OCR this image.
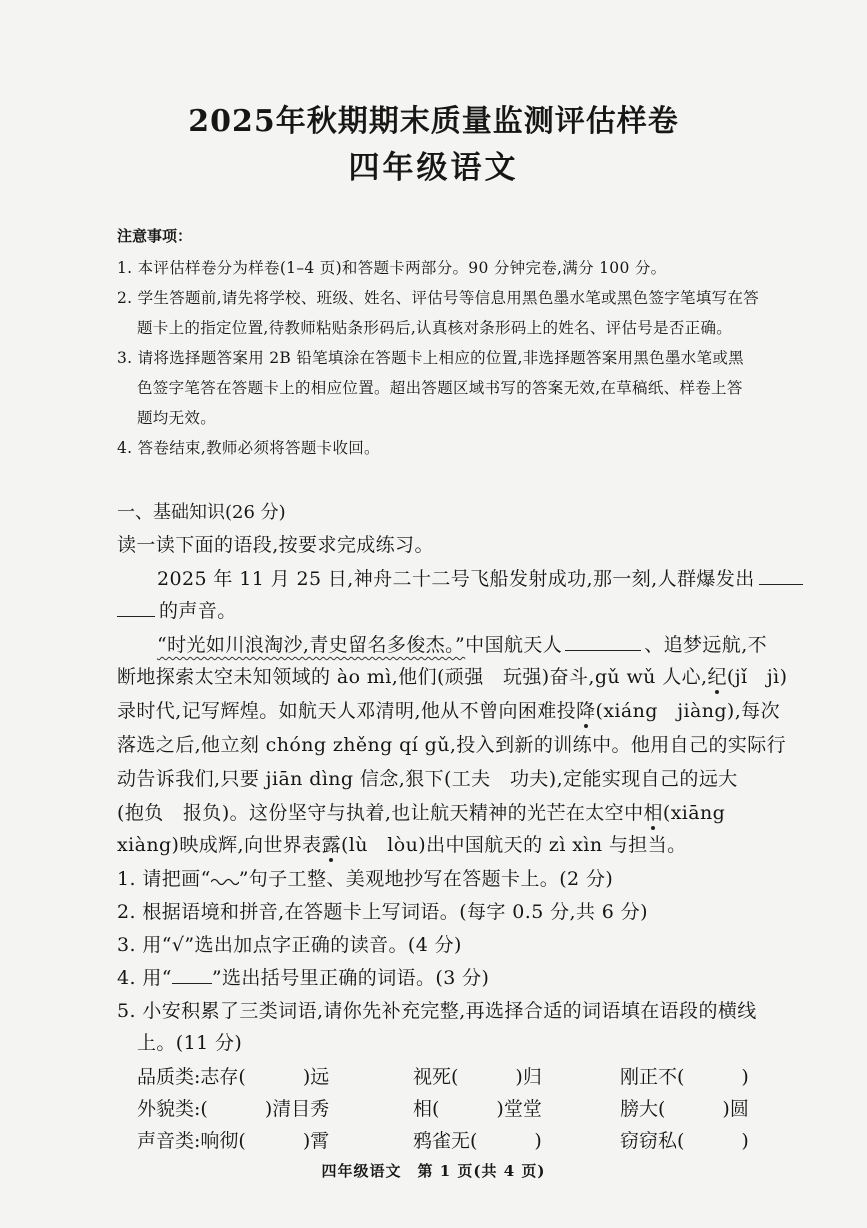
2025年秋期期末质量监测评估样卷
四年级语文
注意事项：
1. 本评估样卷分为样卷(1–4 页)和答题卡两部分。90 分钟完卷,满分 100 分。
2. 学生答题前,请先将学校、班级、姓名、评估号等信息用黑色墨水笔或黑色签字笔填写在答
题卡上的指定位置,待教师粘贴条形码后,认真核对条形码上的姓名、评估号是否正确。
3. 请将选择题答案用 2B 铅笔填涂在答题卡上相应的位置,非选择题答案用黑色墨水笔或黑
色签字笔答在答题卡上的相应位置。超出答题区域书写的答案无效,在草稿纸、样卷上答
题均无效。
4. 答卷结束,教师必须将答题卡收回。
一、基础知识(26 分)
读一读下面的语段,按要求完成练习。
2025 年 11 月 25 日,神舟二十二号飞船发射成功,那一刻,人群爆发出
的声音。
“时光如川浪淘沙,青史留名多俊杰。”中国航天人	、追梦远航,不
断地探索太空未知领域的 ào mì,他们(顽强　玩强)奋斗,gǔ wǔ 人心,纪(jǐ　jì)
录时代,记写辉煌。如航天人邓清明,他从不曾向困难投降(xiáng　jiàng),每次
落选之后,他立刻 chóng zhěng qí gǔ,投入到新的训练中。他用自己的实际行
动告诉我们,只要 jiān dìng 信念,狠下(工夫　功夫),定能实现自己的远大
(抱负　报负)。这份坚守与执着,也让航天精神的光芒在太空中相(xiāng
xiàng)映成辉,向世界表露(lù　lòu)出中国航天的 zì xìn 与担当。
1. 请把画“ ”句子工整、美观地抄写在答题卡上。(2 分)
2. 根据语境和拼音,在答题卡上写词语。(每字 0.5 分,共 6 分)
3. 用“√”选出加点字正确的读音。(4 分)
4. 用“ ”选出括号里正确的词语。(3 分)
5. 小安积累了三类词语,请你先补充完整,再选择合适的词语填在语段的横线
上。(11 分)
品质类:志存(　　　)远	视死(　　　)归	刚正不(　　　)
外貌类:(　　　)清目秀	相(　　　)堂堂	膀大(　　　)圆
声音类:响彻(　　　)霄	鸦雀无(　　　)	窃窃私(　　　)
四年级语文　第 1 页(共 4 页)
